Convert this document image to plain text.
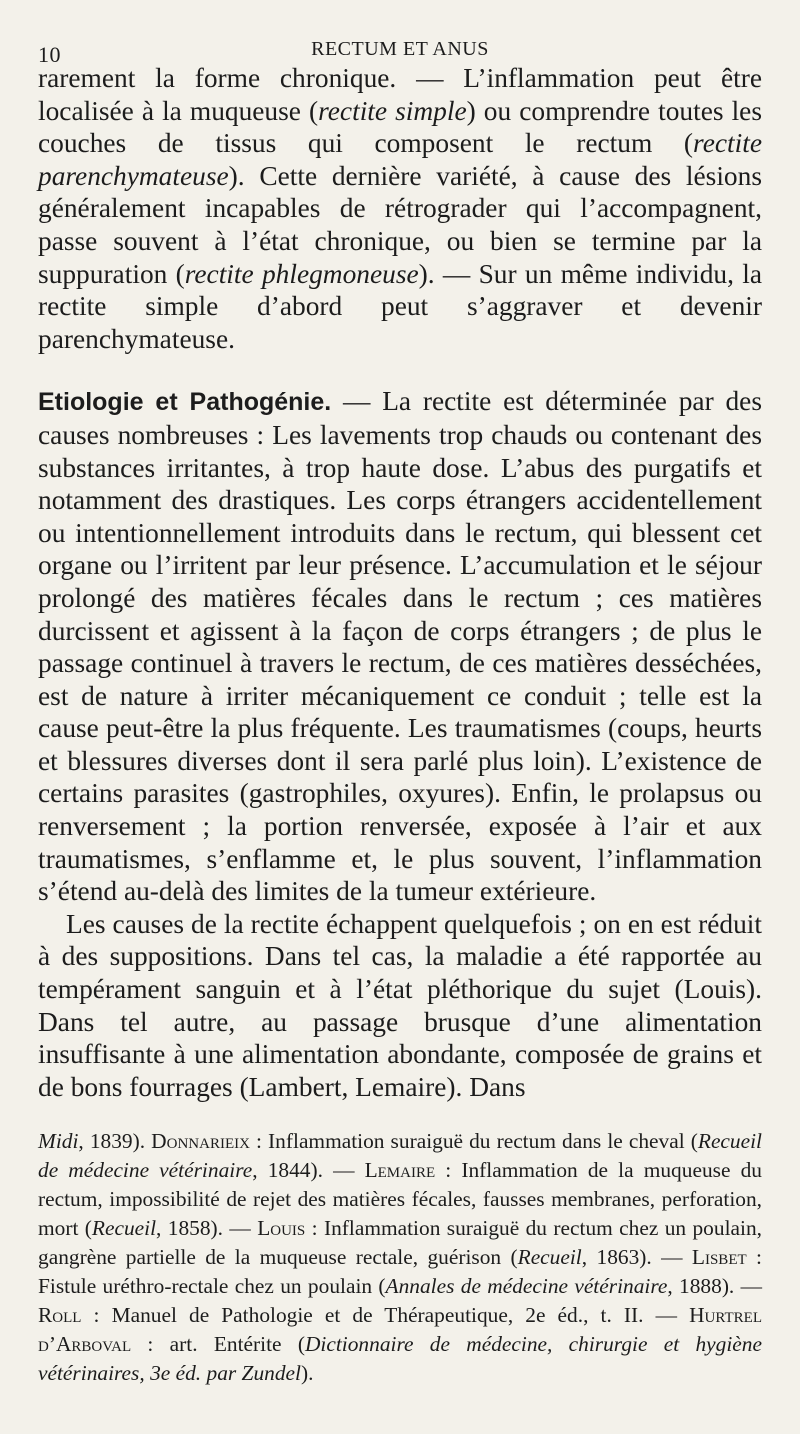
10	RECTUM ET ANUS

rarement la forme chronique. — L’inflammation peut être localisée à la muqueuse (rectite simple) ou comprendre toutes les couches de tissus qui composent le rectum (rectite parenchymateuse). Cette dernière variété, à cause des lésions généralement incapables de rétrograder qui l’accompagnent, passe souvent à l’état chronique, ou bien se termine par la suppuration (rectite phlegmoneuse). — Sur un même individu, la rectite simple d’abord peut s’aggraver et devenir parenchymateuse.

Etiologie et Pathogénie. — La rectite est déterminée par des causes nombreuses : Les lavements trop chauds ou contenant des substances irritantes, à trop haute dose. L’abus des purgatifs et notamment des drastiques. Les corps étrangers accidentellement ou intentionnellement introduits dans le rectum, qui blessent cet organe ou l’irritent par leur présence. L’accumulation et le séjour prolongé des matières fécales dans le rectum ; ces matières durcissent et agissent à la façon de corps étrangers ; de plus le passage continuel à travers le rectum, de ces matières desséchées, est de nature à irriter mécaniquement ce conduit ; telle est la cause peut-être la plus fréquente. Les traumatismes (coups, heurts et blessures diverses dont il sera parlé plus loin). L’existence de certains parasites (gastrophiles, oxyures). Enfin, le prolapsus ou renversement ; la portion renversée, exposée à l’air et aux traumatismes, s’enflamme et, le plus souvent, l’inflammation s’étend au-delà des limites de la tumeur extérieure.

Les causes de la rectite échappent quelquefois ; on en est réduit à des suppositions. Dans tel cas, la maladie a été rapportée au tempérament sanguin et à l’état pléthorique du sujet (Louis). Dans tel autre, au passage brusque d’une alimentation insuffisante à une alimentation abondante, composée de grains et de bons fourrages (Lambert, Lemaire). Dans

Midi, 1839). Donnarieix : Inflammation suraiguë du rectum dans le cheval (Recueil de médecine vétérinaire, 1844). — Lemaire : Inflammation de la muqueuse du rectum, impossibilité de rejet des matières fécales, fausses membranes, perforation, mort (Recueil, 1858). — Louis : Inflammation suraiguë du rectum chez un poulain, gangrène partielle de la muqueuse rectale, guérison (Recueil, 1863). — Lisbet : Fistule uréthro-rectale chez un poulain (Annales de médecine vétérinaire, 1888). — Roll : Manuel de Pathologie et de Thérapeutique, 2e éd., t. II. — Hurtrel d’Arboval : art. Entérite (Dictionnaire de médecine, chirurgie et hygiène vétérinaires, 3e éd. par Zundel).
